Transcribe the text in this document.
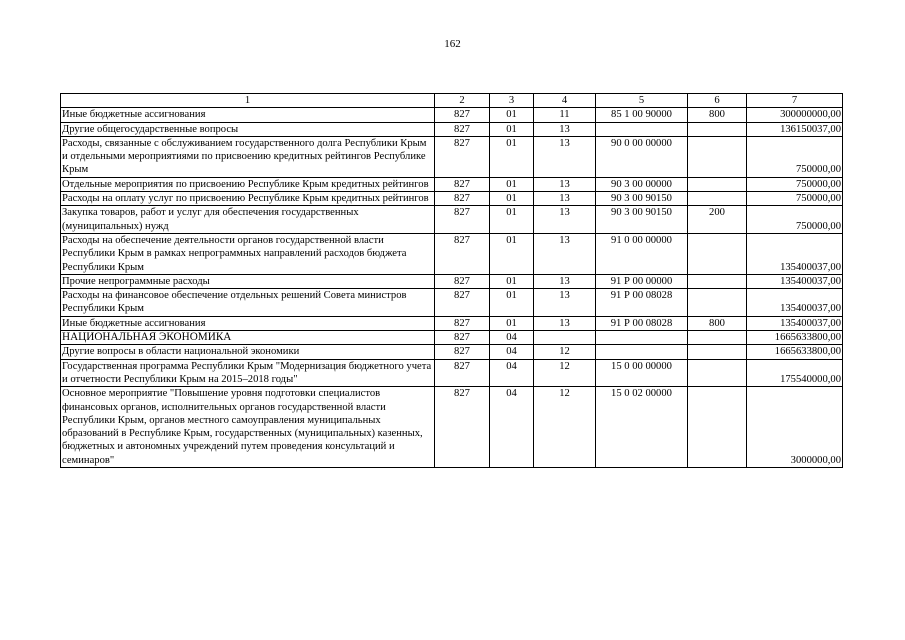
162
1	2	3	4	5	6	7
Иные бюджетные ассигнования	827	01	11	85 1 00 90000	800	300000000,00
Другие общегосударственные вопросы	827	01	13			136150037,00
Расходы, связанные с обслуживанием государственного долга Республики Крым и отдельными мероприятиями по присвоению кредитных рейтингов Республике Крым	827	01	13	90 0 00 00000		750000,00
Отдельные мероприятия по присвоению Республике Крым кредитных рейтингов	827	01	13	90 3 00 00000		750000,00
Расходы на оплату услуг по присвоению Республике Крым кредитных рейтингов	827	01	13	90 3 00 90150		750000,00
Закупка товаров, работ и услуг для обеспечения государственных (муниципальных) нужд	827	01	13	90 3 00 90150	200	750000,00
Расходы на обеспечение деятельности органов государственной власти Республики Крым в рамках непрограммных направлений расходов бюджета Республики Крым	827	01	13	91 0 00 00000		135400037,00
Прочие непрограммные расходы	827	01	13	91 Р 00 00000		135400037,00
Расходы на финансовое обеспечение отдельных решений Совета министров Республики Крым	827	01	13	91 Р 00 08028		135400037,00
Иные бюджетные ассигнования	827	01	13	91 Р 00 08028	800	135400037,00
НАЦИОНАЛЬНАЯ ЭКОНОМИКА	827	04				1665633800,00
Другие вопросы в области национальной экономики	827	04	12			1665633800,00
Государственная программа Республики Крым "Модернизация бюджетного учета и отчетности Республики Крым на 2015–2018 годы"	827	04	12	15 0 00 00000		175540000,00
Основное мероприятие "Повышение уровня подготовки специалистов финансовых органов, исполнительных органов государственной власти Республики Крым, органов местного самоуправления муниципальных образований в Республике Крым, государственных (муниципальных) казенных, бюджетных и автономных учреждений путем проведения консультаций и семинаров"	827	04	12	15 0 02 00000		3000000,00
